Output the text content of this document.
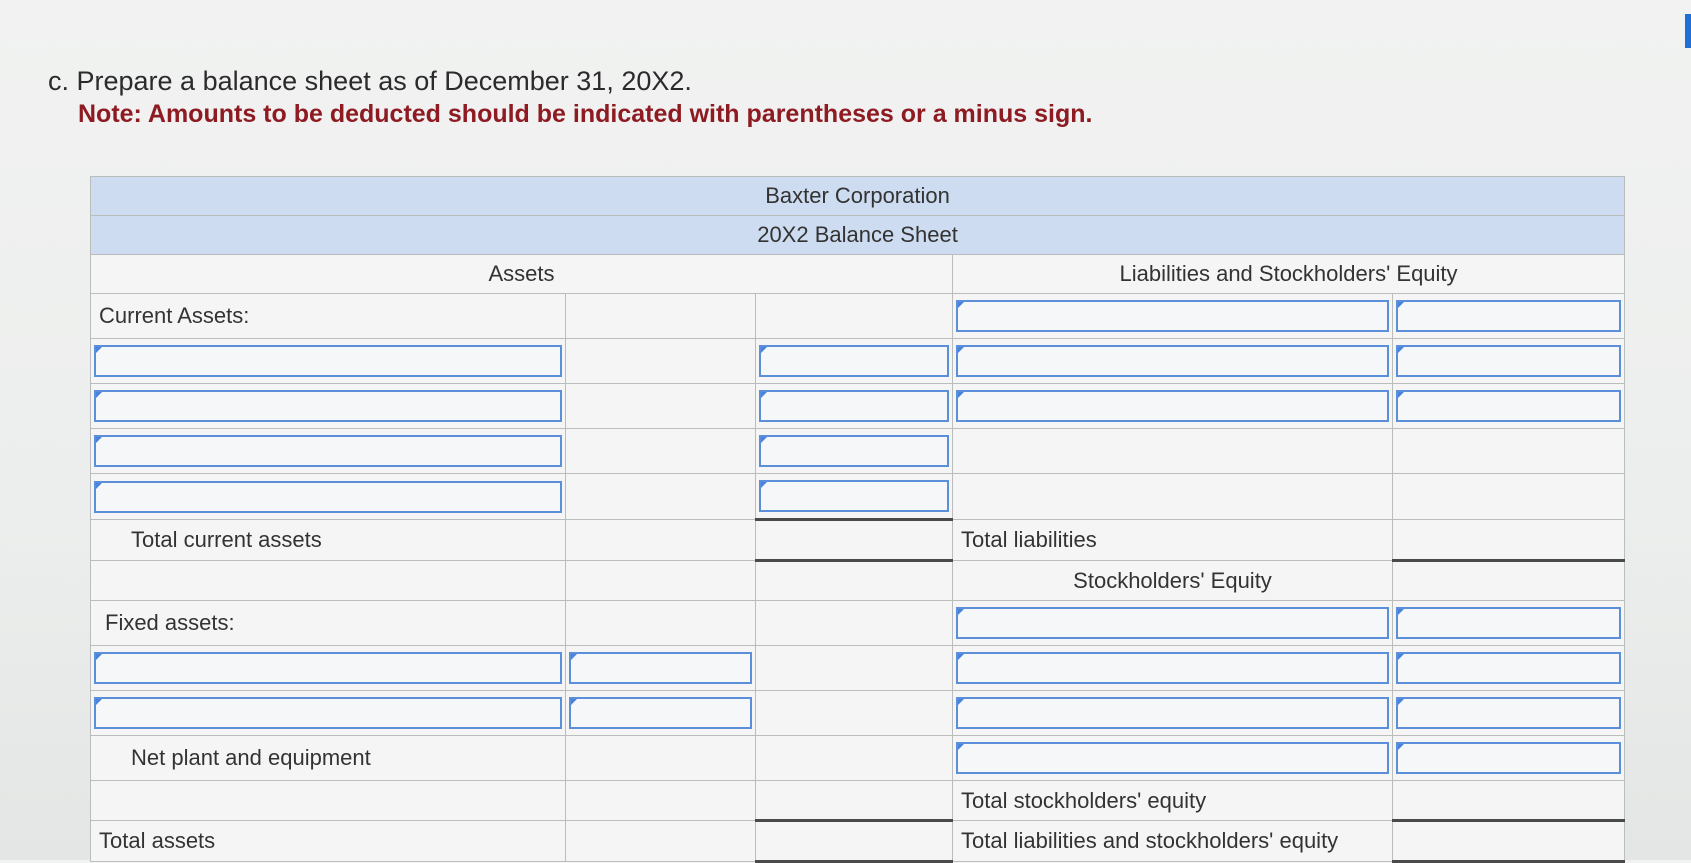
c. Prepare a balance sheet as of December 31, 20X2.
Note: Amounts to be deducted should be indicated with parentheses or a minus sign.
Baxter Corporation				
20X2 Balance Sheet				
Assets			Liabilities and Stockholders' Equity	
Current Assets:			

Total current assets			Total liabilities	
			Stockholders' Equity	
Fixed assets:			

Net plant and equipment			

			Total stockholders' equity	
Total assets			Total liabilities and stockholders' equity	
